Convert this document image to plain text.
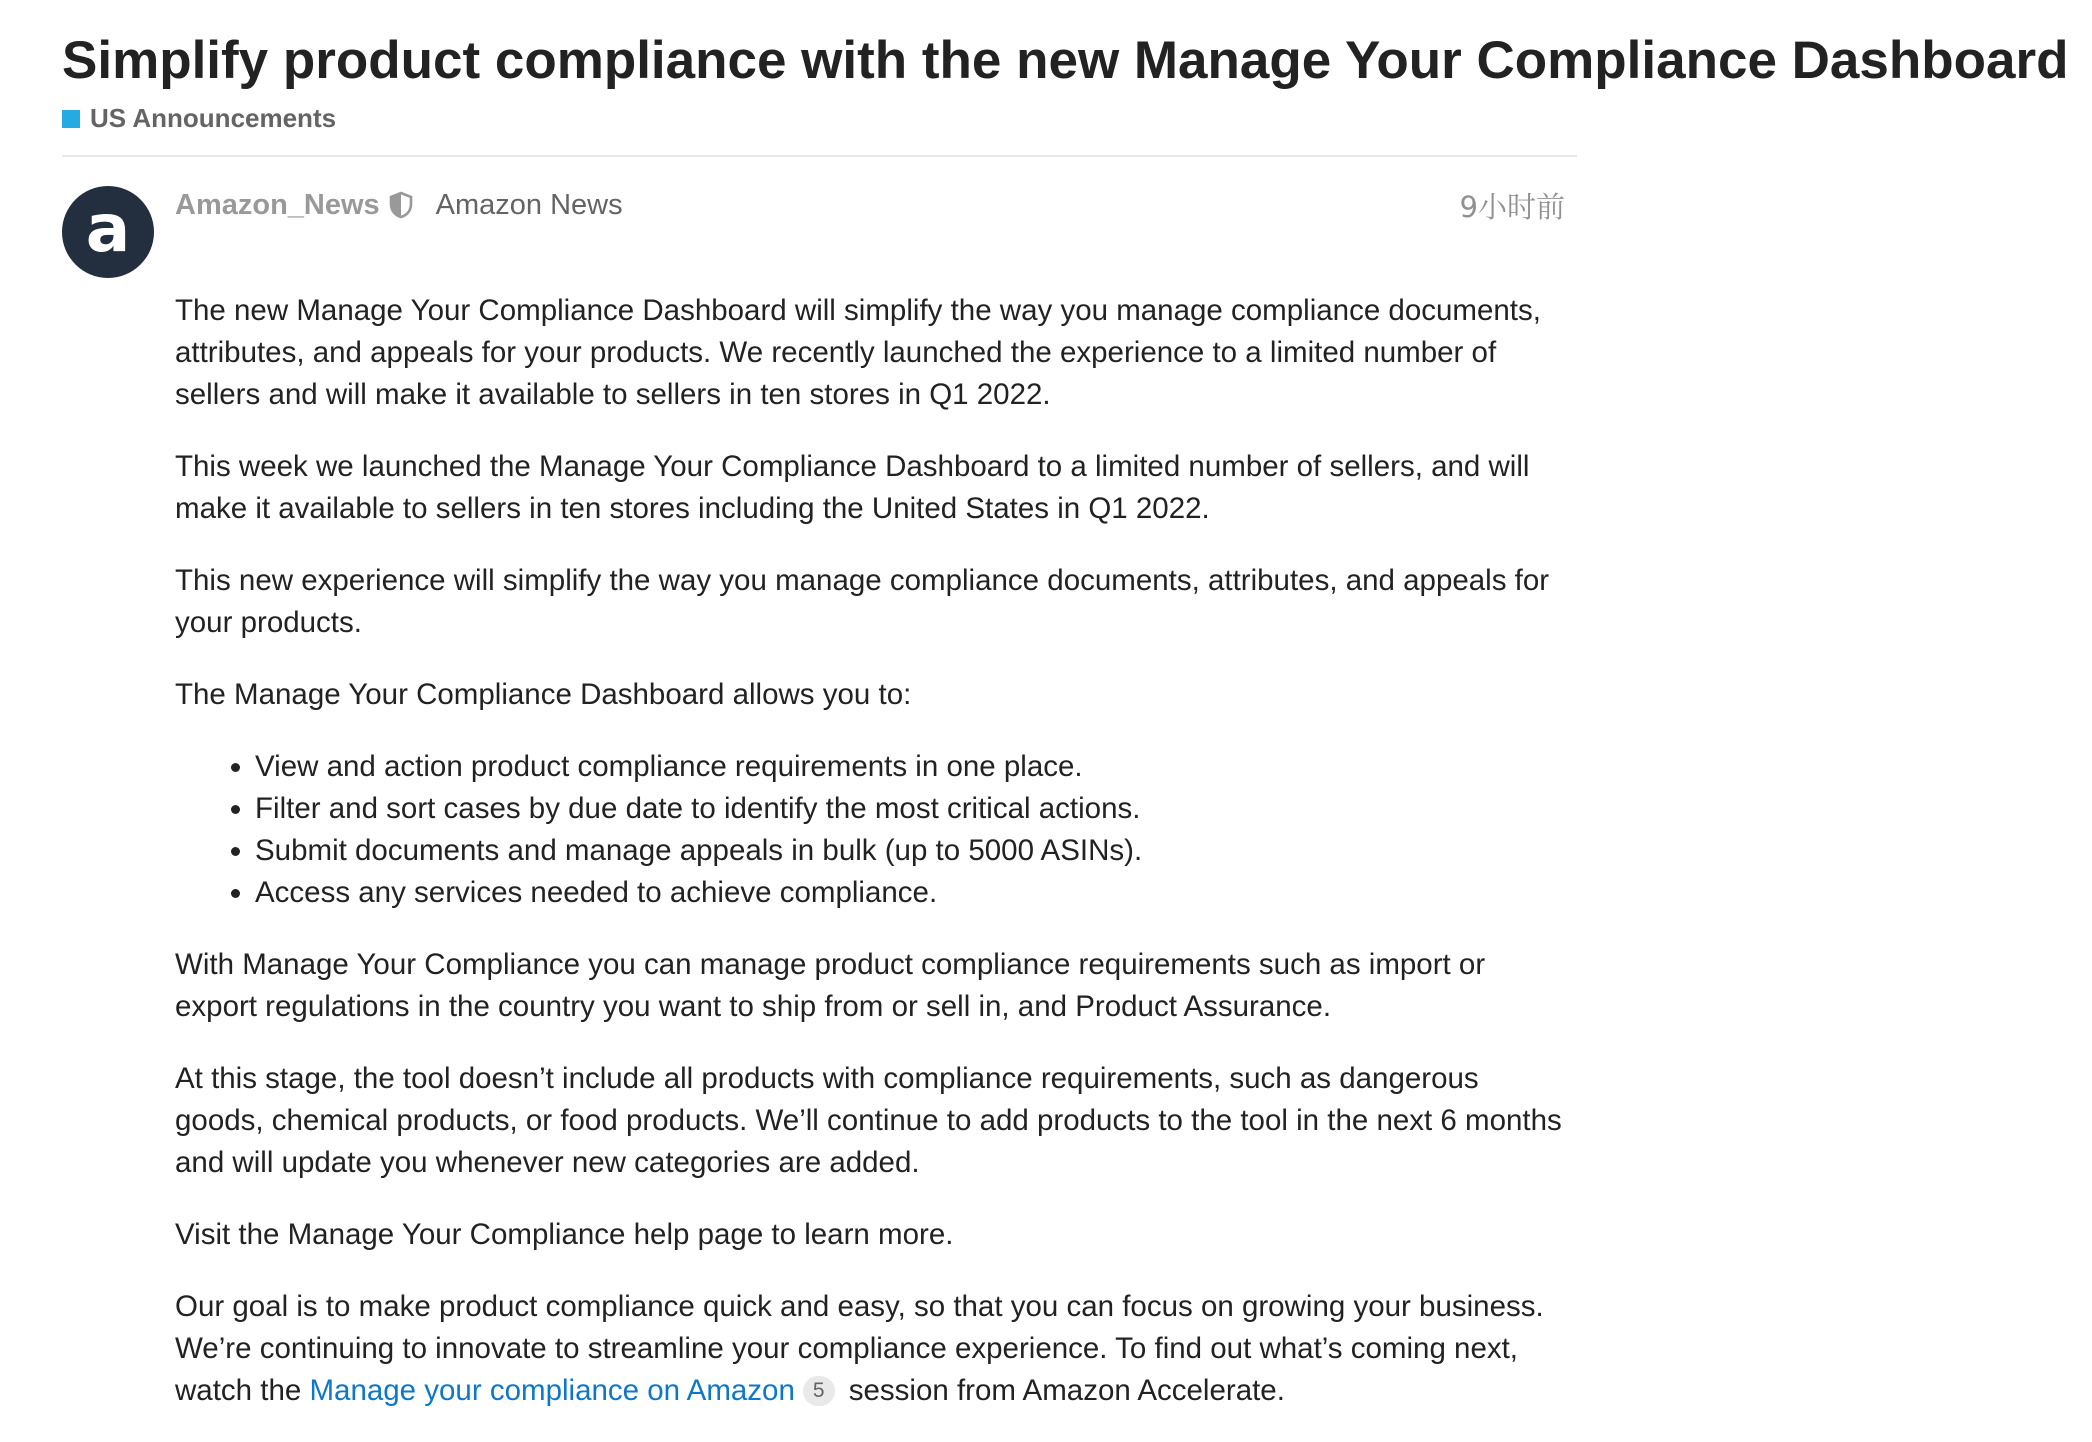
Simplify product compliance with the new Manage Your Compliance Dashboard
US Announcements
a Amazon_News Amazon News	9小时前

The new Manage Your Compliance Dashboard will simplify the way you manage compliance documents, attributes, and appeals for your products. We recently launched the experience to a limited number of sellers and will make it available to sellers in ten stores in Q1 2022.

This week we launched the Manage Your Compliance Dashboard to a limited number of sellers, and will make it available to sellers in ten stores including the United States in Q1 2022.

This new experience will simplify the way you manage compliance documents, attributes, and appeals for your products.

The Manage Your Compliance Dashboard allows you to:

• View and action product compliance requirements in one place.
• Filter and sort cases by due date to identify the most critical actions.
• Submit documents and manage appeals in bulk (up to 5000 ASINs).
• Access any services needed to achieve compliance.

With Manage Your Compliance you can manage product compliance requirements such as import or export regulations in the country you want to ship from or sell in, and Product Assurance.

At this stage, the tool doesn’t include all products with compliance requirements, such as dangerous goods, chemical products, or food products. We’ll continue to add products to the tool in the next 6 months and will update you whenever new categories are added.

Visit the Manage Your Compliance help page to learn more.

Our goal is to make product compliance quick and easy, so that you can focus on growing your business. We’re continuing to innovate to streamline your compliance experience. To find out what’s coming next, watch the Manage your compliance on Amazon 5 session from Amazon Accelerate.
